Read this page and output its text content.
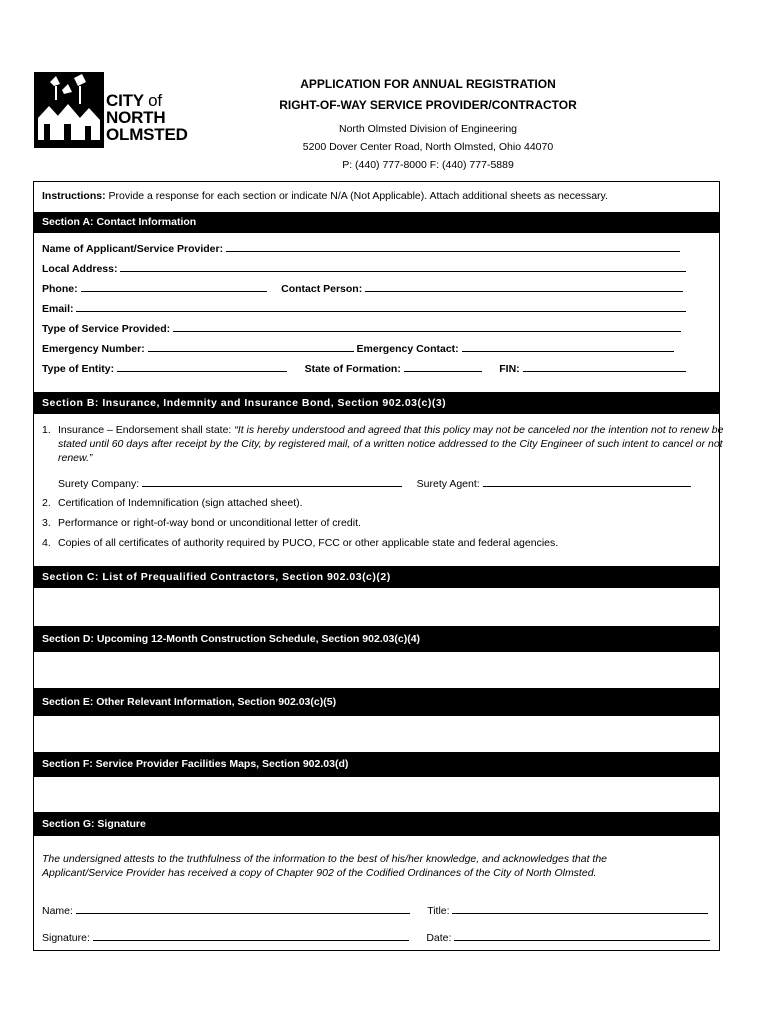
CITY of
NORTH
OLMSTED
APPLICATION FOR ANNUAL REGISTRATION
RIGHT-OF-WAY SERVICE PROVIDER/CONTRACTOR
North Olmsted Division of Engineering
5200 Dover Center Road, North Olmsted, Ohio 44070
P: (440) 777-8000 F: (440) 777-5889
Instructions: Provide a response for each section or indicate N/A (Not Applicable). Attach additional sheets as necessary.
Section A: Contact Information
Name of Applicant/Service Provider:
Local Address:
Phone:	Contact Person:
Email:
Type of Service Provided:
Emergency Number:	Emergency Contact:
Type of Entity:	State of Formation:	FIN:
Section B: Insurance, Indemnity and Insurance Bond, Section 902.03(c)(3)
1. Insurance – Endorsement shall state: “It is hereby understood and agreed that this policy may not be canceled nor the intention not to renew be stated until 60 days after receipt by the City, by registered mail, of a written notice addressed to the City Engineer of such intent to cancel or not renew.”
Surety Company:	Surety Agent:
2. Certification of Indemnification (sign attached sheet).
3. Performance or right-of-way bond or unconditional letter of credit.
4. Copies of all certificates of authority required by PUCO, FCC or other applicable state and federal agencies.
Section C: List of Prequalified Contractors, Section 902.03(c)(2)
Section D: Upcoming 12-Month Construction Schedule, Section 902.03(c)(4)
Section E: Other Relevant Information, Section 902.03(c)(5)
Section F: Service Provider Facilities Maps, Section 902.03(d)
Section G: Signature
The undersigned attests to the truthfulness of the information to the best of his/her knowledge, and acknowledges that the Applicant/Service Provider has received a copy of Chapter 902 of the Codified Ordinances of the City of North Olmsted.
Name:	Title:
Signature:	Date:
